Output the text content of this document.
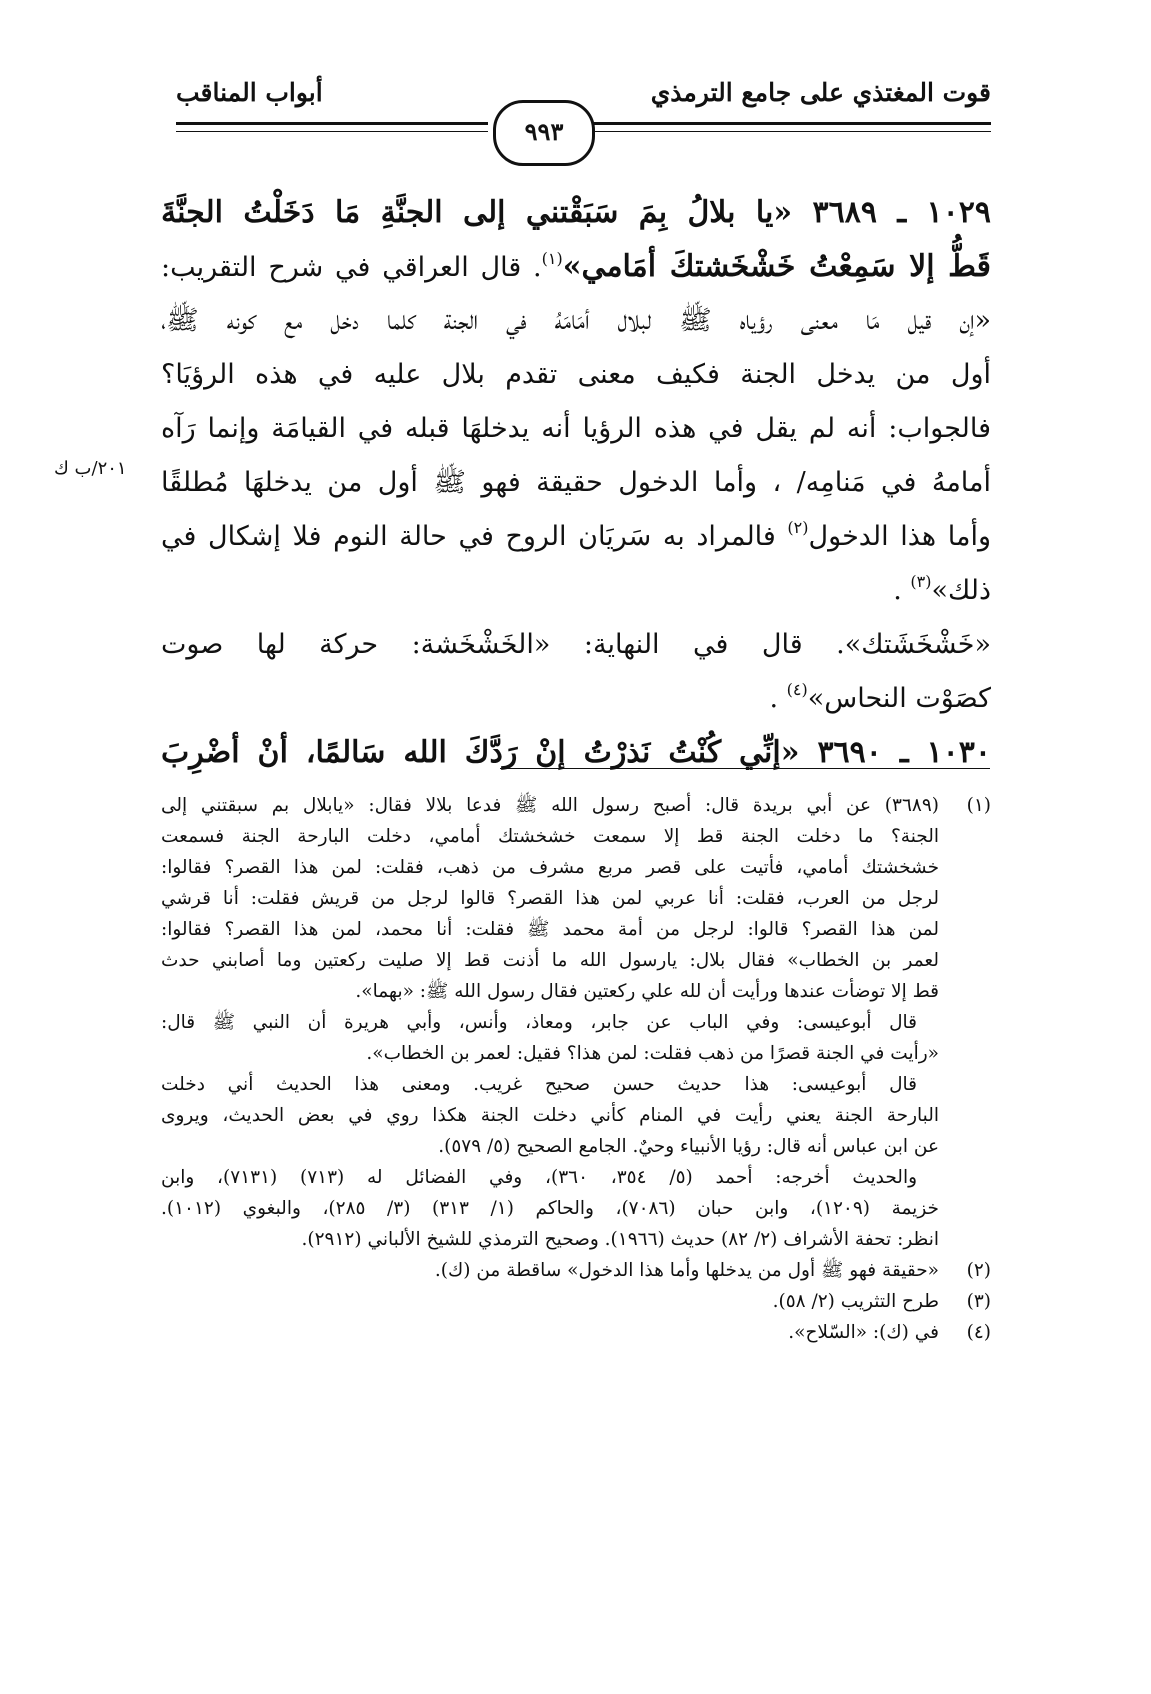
قوت المغتذي على جامع الترمذي
أبواب المناقب
٩٩٣
٢٠١/ب ك
١٠٢٩ ـ ٣٦٨٩ «يا بلالُ بِمَ سَبَقْتني إلى الجنَّةِ مَا دَخَلْتُ الجنَّةَ
قَطُّ إلا سَمِعْتُ خَشْخَشتكَ أمَامي»$^{(١)}$. قال العراقي في شرح التقريب:
«إن قيل مَا معنى رؤياه ﷺ لبلال أمَامَهُ في الجنة كلما دخل مع كونه ﷺ،
أول من يدخل الجنة فكيف معنى تقدم بلال عليه في هذه الرؤيَا؟
فالجواب: أنه لم يقل في هذه الرؤيا أنه يدخلهَا قبله في القيامَة وإنما رَآه
أمامهُ في مَنامِه/ ، وأما الدخول حقيقة فهو ﷺ أول من يدخلهَا مُطلقًا
وأما هذا الدخول$^{(٢)}$ فالمراد به سَريَان الروح في حالة النوم فلا إشكال في
ذلك»$^{(٣)}$ .
«خَشْخَشَتك». قال في النهاية: «الخَشْخَشة: حركة لها صوت
كصَوْت النحاس»$^{(٤)}$ .
١٠٣٠ ـ ٣٦٩٠ «إنِّي كُنْتُ نَذرْتُ إنْ رَدَّكَ الله سَالمًا، أنْ أضْرِبَ
(١)
(٣٦٨٩) عن أبي بريدة قال: أصبح رسول الله ﷺ فدعا بلالا فقال: «يابلال بم سبقتني إلى
الجنة؟ ما دخلت الجنة قط إلا سمعت خشخشتك أمامي، دخلت البارحة الجنة فسمعت
خشخشتك أمامي، فأتيت على قصر مربع مشرف من ذهب، فقلت: لمن هذا القصر؟ فقالوا:
لرجل من العرب، فقلت: أنا عربي لمن هذا القصر؟ قالوا لرجل من قريش فقلت: أنا قرشي
لمن هذا القصر؟ قالوا: لرجل من أمة محمد ﷺ فقلت: أنا محمد، لمن هذا القصر؟ فقالوا:
لعمر بن الخطاب» فقال بلال: يارسول الله ما أذنت قط إلا صليت ركعتين وما أصابني حدث
قط إلا توضأت عندها ورأيت أن لله علي ركعتين فقال رسول الله ﷺ: «بهما».
قال أبوعيسى: وفي الباب عن جابر، ومعاذ، وأنس، وأبي هريرة أن النبي ﷺ قال:
«رأيت في الجنة قصرًا من ذهب فقلت: لمن هذا؟ فقيل: لعمر بن الخطاب».
قال أبوعيسى: هذا حديث حسن صحيح غريب. ومعنى هذا الحديث أني دخلت
البارحة الجنة يعني رأيت في المنام كأني دخلت الجنة هكذا روي في بعض الحديث، ويروى
عن ابن عباس أنه قال: رؤيا الأنبياء وحيٌ. الجامع الصحيح (٥/ ٥٧٩).
والحديث أخرجه: أحمد (٥/ ٣٥٤، ٣٦٠)، وفي الفضائل له (٧١٣) (٧١٣١)، وابن
خزيمة (١٢٠٩)، وابن حبان (٧٠٨٦)، والحاكم (١/ ٣١٣) (٣/ ٢٨٥)، والبغوي (١٠١٢).
انظر: تحفة الأشراف (٢/ ٨٢) حديث (١٩٦٦). وصحيح الترمذي للشيخ الألباني (٢٩١٢).
(٢)
«حقيقة فهو ﷺ أول من يدخلها وأما هذا الدخول» ساقطة من (ك).
(٣)
طرح التثريب (٢/ ٥٨).
(٤)
في (ك): «السّلاح».
